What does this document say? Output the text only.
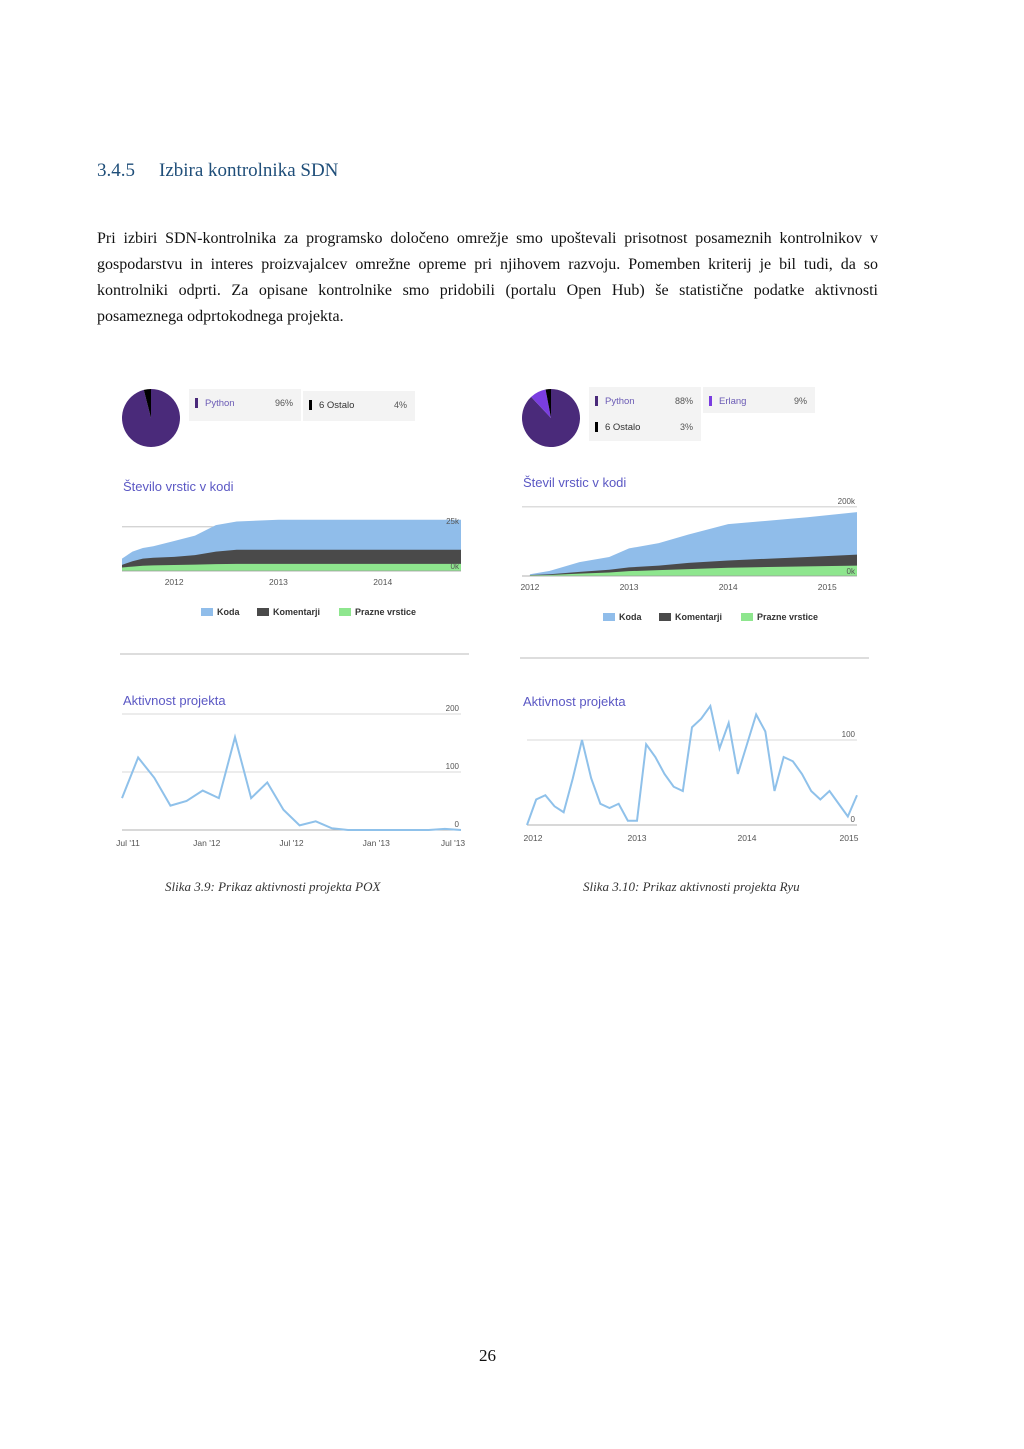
3.4.5 Izbira kontrolnika SDN

Pri izbiri SDN-kontrolnika za programsko določeno omrežje smo upoštevali prisotnost posameznih kontrolnikov v gospodarstvu in interes proizvajalcev omrežne opreme pri njihovem razvoju. Pomemben kriterij je bil tudi, da so kontrolniki odprti. Za opisane kontrolnike smo pridobili (portalu Open Hub) še statistične podatke aktivnosti posameznega odprtokodnega projekta.

Python	96%	6 Ostalo	4%
Število vrstic v kodi
25k
0k
2012	2013	2014
Koda	Komentarji	Prazne vrstice
Aktivnost projekta
200
100
0
Jul '11	Jan '12	Jul '12	Jan '13	Jul '13
Python	88%	Erlang	9%
6 Ostalo	3%
Števil vrstic v kodi
200k
0k
2012	2013	2014	2015
Koda	Komentarji	Prazne vrstice
Aktivnost projekta
100
0
2012	2013	2014	2015
Slika 3.9: Prikaz aktivnosti projekta POX	Slika 3.10: Prikaz aktivnosti projekta Ryu
26
